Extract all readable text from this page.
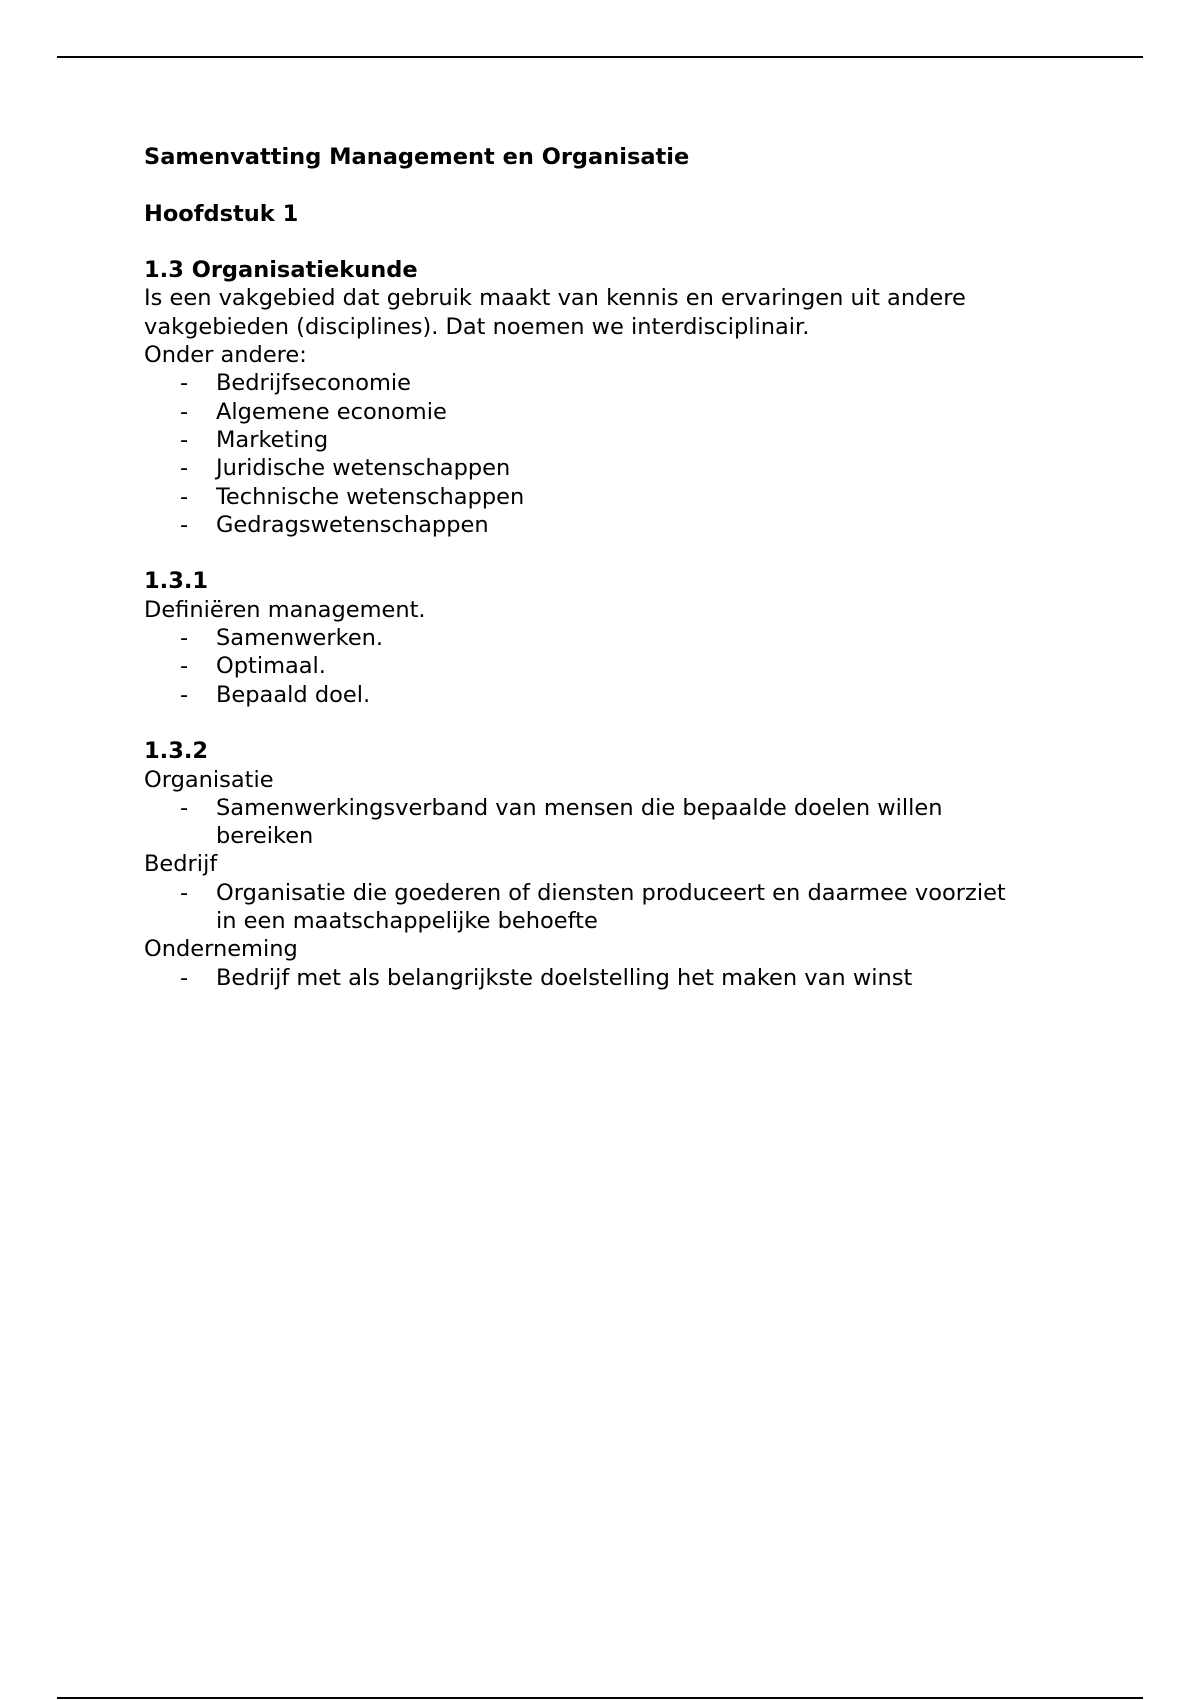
Samenvatting Management en Organisatie
Hoofdstuk 1
1.3 Organisatiekunde
Is een vakgebied dat gebruik maakt van kennis en ervaringen uit andere
vakgebieden (disciplines). Dat noemen we interdisciplinair.
Onder andere:
- Bedrijfseconomie
- Algemene economie
- Marketing
- Juridische wetenschappen
- Technische wetenschappen
- Gedragswetenschappen
1.3.1
Definiëren management.
- Samenwerken.
- Optimaal.
- Bepaald doel.
1.3.2
Organisatie
- Samenwerkingsverband van mensen die bepaalde doelen willen bereiken
Bedrijf
- Organisatie die goederen of diensten produceert en daarmee voorziet in een maatschappelijke behoefte
Onderneming
- Bedrijf met als belangrijkste doelstelling het maken van winst
